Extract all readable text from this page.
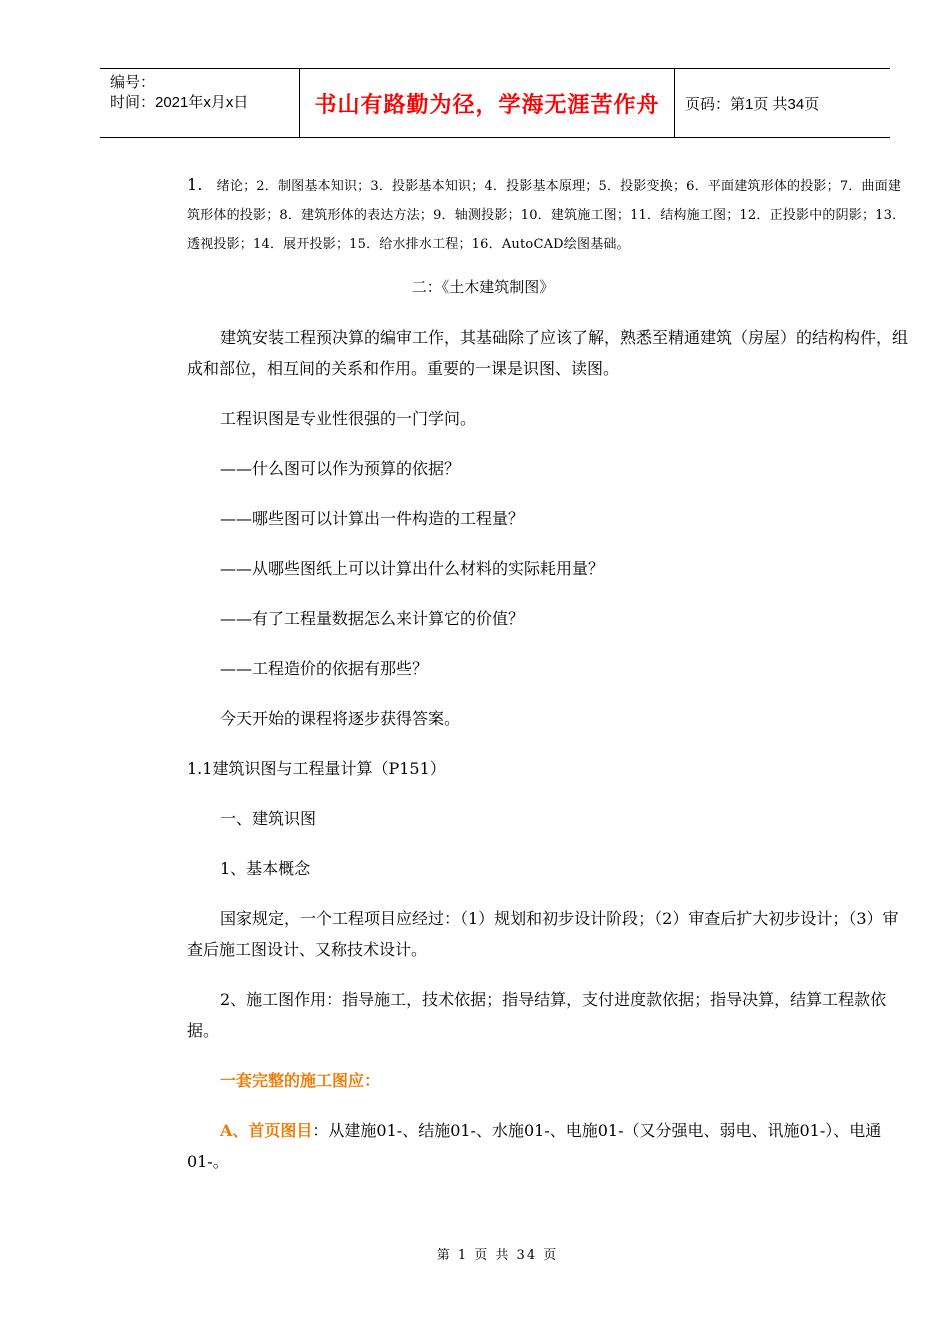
编号：
时间：2021年x月x日	书山有路勤为径，学海无涯苦作舟	页码：第1页 共34页

1. 绪论；2．制图基本知识；3．投影基本知识；4．投影基本原理；5．投影变换；6．平面建筑形体的投影；7．曲面建筑形体的投影；8．建筑形体的表达方法；9．轴测投影；10．建筑施工图；11．结构施工图；12．正投影中的阴影；13．透视投影；14．展开投影；15．给水排水工程；16．AutoCAD绘图基础。

二：《土木建筑制图》

建筑安装工程预决算的编审工作，其基础除了应该了解，熟悉至精通建筑（房屋）的结构构件，组成和部位，相互间的关系和作用。重要的一课是识图、读图。

工程识图是专业性很强的一门学问。

——什么图可以作为预算的依据？

——哪些图可以计算出一件构造的工程量？

——从哪些图纸上可以计算出什么材料的实际耗用量？

——有了工程量数据怎么来计算它的价值？

——工程造价的依据有那些？

今天开始的课程将逐步获得答案。

1.1建筑识图与工程量计算（P151）

一、建筑识图

1、基本概念

国家规定，一个工程项目应经过：（1）规划和初步设计阶段；（2）审查后扩大初步设计；（3）审查后施工图设计、又称技术设计。

2、施工图作用：指导施工，技术依据；指导结算，支付进度款依据；指导决算，结算工程款依据。

一套完整的施工图应：

A、首页图目：从建施01-、结施01-、水施01-、电施01-（又分强电、弱电、讯施01-）、电通01-。

第 1 页 共 34 页
